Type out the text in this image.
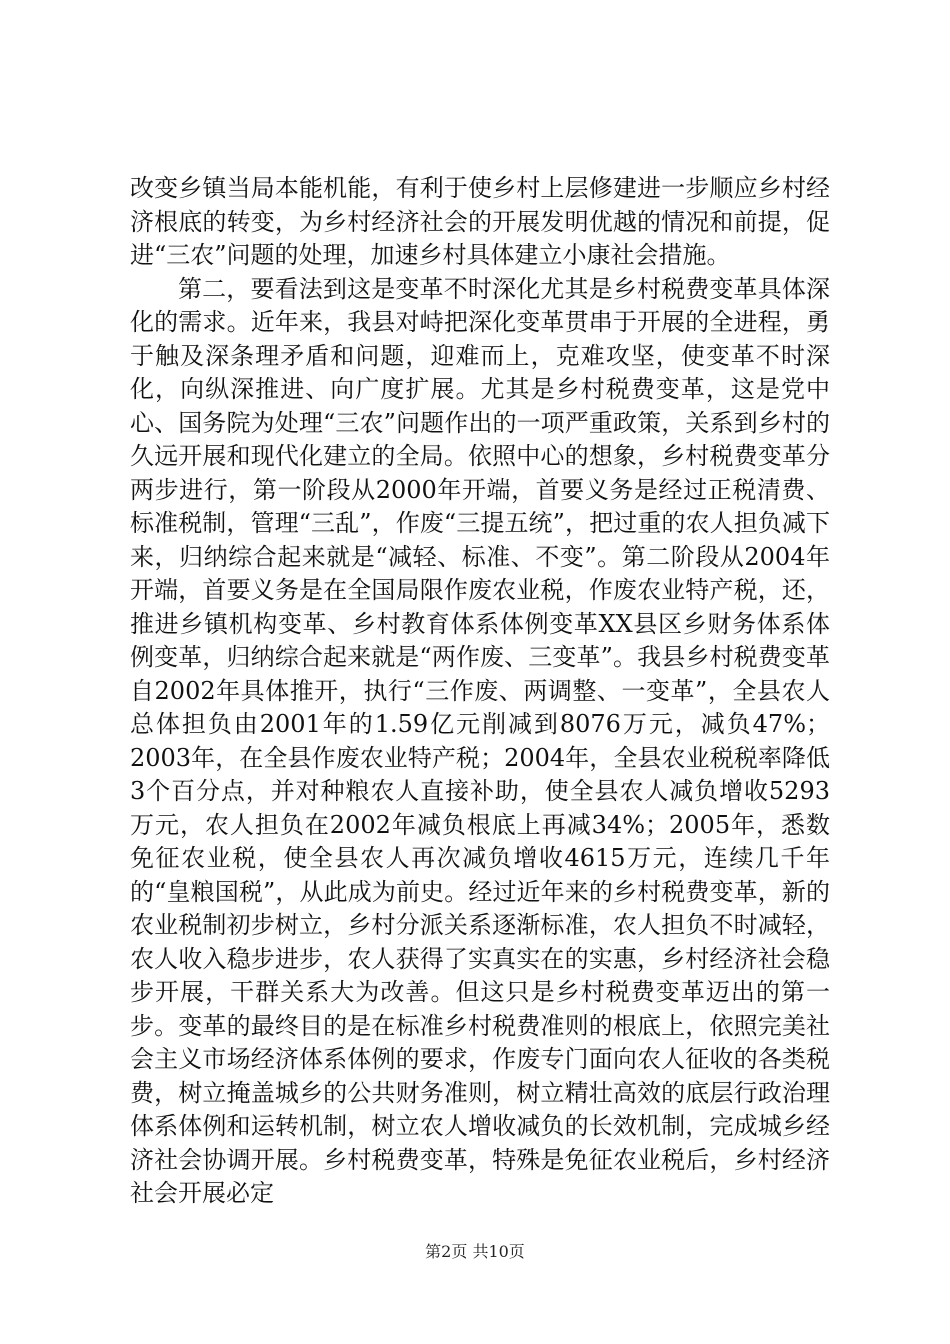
改变乡镇当局本能机能，有利于使乡村上层修建进一步顺应乡村经济根底的转变，为乡村经济社会的开展发明优越的情况和前提，促进“三农”问题的处理，加速乡村具体建立小康社会措施。

第二，要看法到这是变革不时深化尤其是乡村税费变革具体深化的需求。近年来，我县对峙把深化变革贯串于开展的全进程，勇于触及深条理矛盾和问题，迎难而上，克难攻坚，使变革不时深化，向纵深推进、向广度扩展。尤其是乡村税费变革，这是党中心、国务院为处理“三农”问题作出的一项严重政策，关系到乡村的久远开展和现代化建立的全局。依照中心的想象，乡村税费变革分两步进行，第一阶段从2000年开端，首要义务是经过正税清费、标准税制，管理“三乱”，作废“三提五统”，把过重的农人担负减下来，归纳综合起来就是“减轻、标准、不变”。第二阶段从2004年开端，首要义务是在全国局限作废农业税，作废农业特产税，还，推进乡镇机构变革、乡村教育体系体例变革XX县区乡财务体系体例变革，归纳综合起来就是“两作废、三变革”。我县乡村税费变革自2002年具体推开，执行“三作废、两调整、一变革”，全县农人总体担负由2001年的1.59亿元削减到8076万元，减负47%；2003年，在全县作废农业特产税；2004年，全县农业税税率降低3个百分点，并对种粮农人直接补助，使全县农人减负增收5293万元，农人担负在2002年减负根底上再减34%；2005年，悉数免征农业税，使全县农人再次减负增收4615万元，连续几千年的“皇粮国税”，从此成为前史。经过近年来的乡村税费变革，新的农业税制初步树立，乡村分派关系逐渐标准，农人担负不时减轻，农人收入稳步进步，农人获得了实真实在的实惠，乡村经济社会稳步开展，干群关系大为改善。但这只是乡村税费变革迈出的第一步。变革的最终目的是在标准乡村税费准则的根底上，依照完美社会主义市场经济体系体例的要求，作废专门面向农人征收的各类税费，树立掩盖城乡的公共财务准则，树立精壮高效的底层行政治理体系体例和运转机制，树立农人增收减负的长效机制，完成城乡经济社会协调开展。乡村税费变革，特殊是免征农业税后，乡村经济社会开展必定

第2页 共10页
